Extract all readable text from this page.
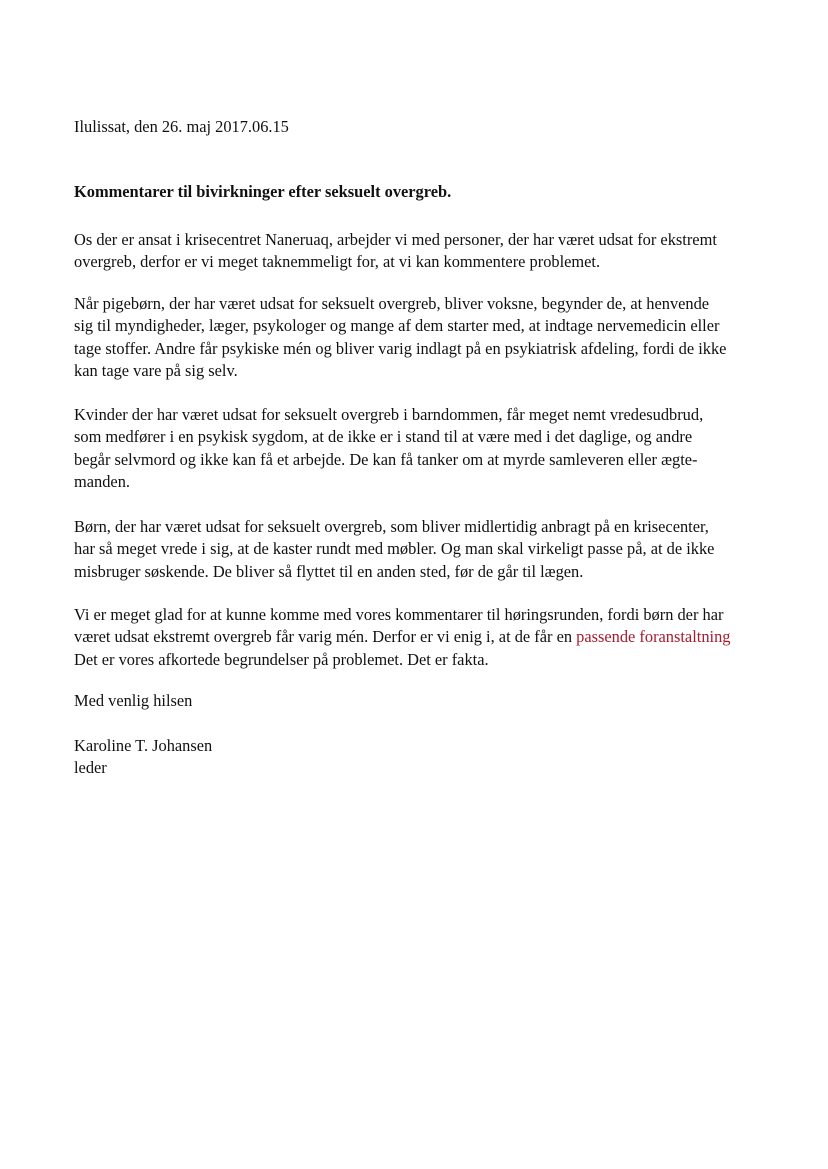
Ilulissat, den 26. maj 2017.06.15

Kommentarer til bivirkninger efter seksuelt overgreb.

Os der er ansat i krisecentret Naneruaq, arbejder vi med personer, der har været udsat for ekstremt
overgreb, derfor er vi meget taknemmeligt for, at vi kan kommentere problemet.

Når pigebørn, der har været udsat for seksuelt overgreb, bliver voksne, begynder de, at henvende
sig til myndigheder, læger, psykologer og mange af dem starter med, at indtage nervemedicin eller
tage stoffer. Andre får psykiske mén og bliver varig indlagt på en psykiatrisk afdeling, fordi de ikke
kan tage vare på sig selv.

Kvinder der har været udsat for seksuelt overgreb i barndommen, får meget nemt vredesudbrud,
som medfører i en psykisk sygdom, at de ikke er i stand til at være med i det daglige, og andre
begår selvmord og ikke kan få et arbejde. De kan få tanker om at myrde samleveren eller ægte-
manden.

Børn, der har været udsat for seksuelt overgreb, som bliver midlertidig anbragt på en krisecenter,
har så meget vrede i sig, at de kaster rundt med møbler. Og man skal virkeligt passe på, at de ikke
misbruger søskende. De bliver så flyttet til en anden sted, før de går til lægen.

Vi er meget glad for at kunne komme med vores kommentarer til høringsrunden, fordi børn der har
været udsat ekstremt overgreb får varig mén. Derfor er vi enig i, at de får en passende foranstaltning
Det er vores afkortede begrundelser på problemet. Det er fakta.

Med venlig hilsen

Karoline T. Johansen
leder
